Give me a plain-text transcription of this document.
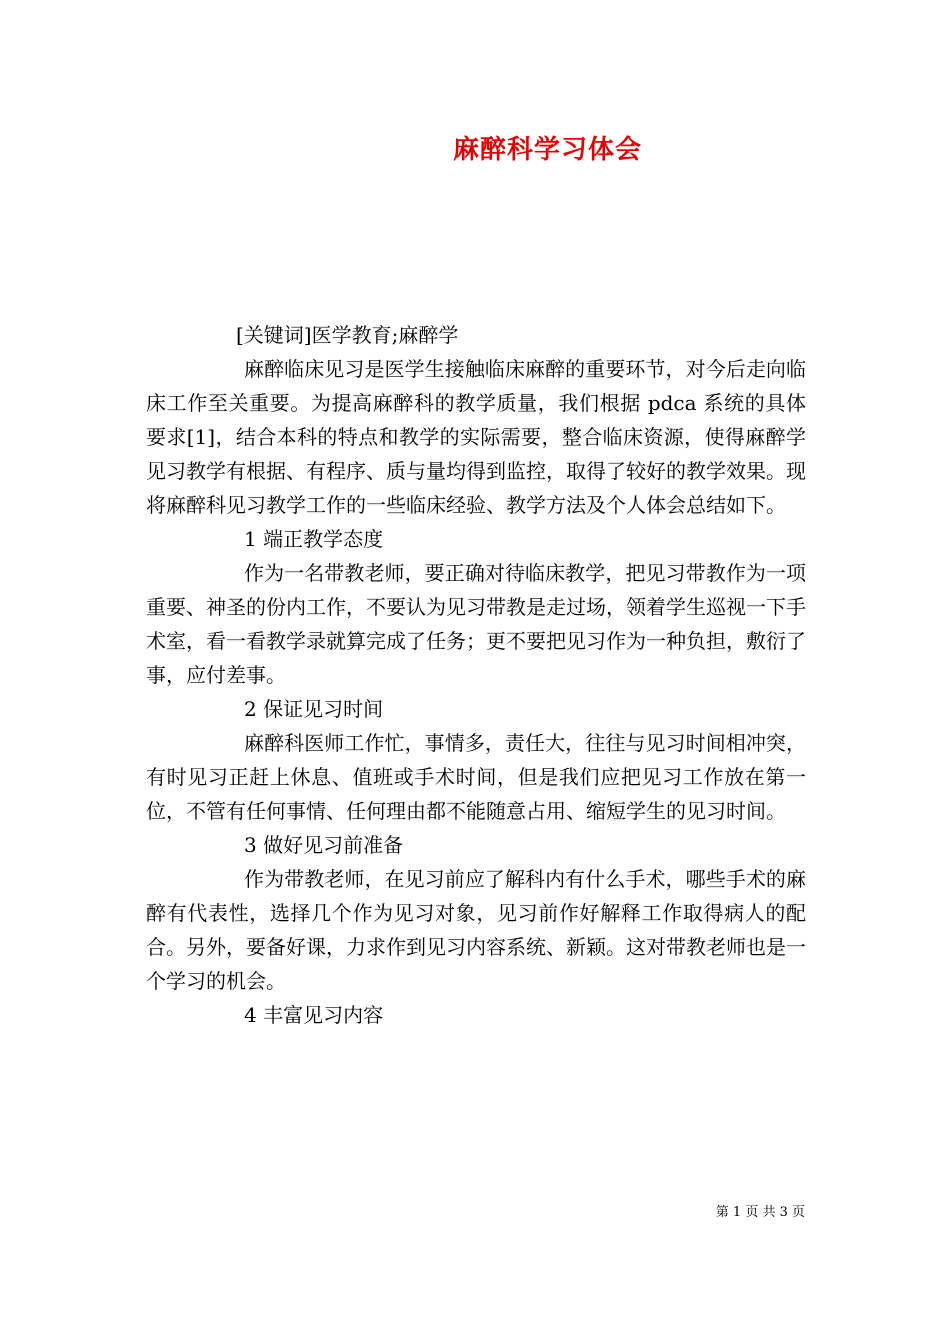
麻醉科学习体会

[关键词]医学教育;麻醉学

麻醉临床见习是医学生接触临床麻醉的重要环节，对今后走向临床工作至关重要。为提高麻醉科的教学质量，我们根据 pdca 系统的具体要求[1]，结合本科的特点和教学的实际需要，整合临床资源，使得麻醉学见习教学有根据、有程序、质与量均得到监控，取得了较好的教学效果。现将麻醉科见习教学工作的一些临床经验、教学方法及个人体会总结如下。

1 端正教学态度

作为一名带教老师，要正确对待临床教学，把见习带教作为一项重要、神圣的份内工作，不要认为见习带教是走过场，领着学生巡视一下手术室，看一看教学录就算完成了任务；更不要把见习作为一种负担，敷衍了事，应付差事。

2 保证见习时间

麻醉科医师工作忙，事情多，责任大，往往与见习时间相冲突，有时见习正赶上休息、值班或手术时间，但是我们应把见习工作放在第一位，不管有任何事情、任何理由都不能随意占用、缩短学生的见习时间。

3 做好见习前准备

作为带教老师，在见习前应了解科内有什么手术，哪些手术的麻醉有代表性，选择几个作为见习对象，见习前作好解释工作取得病人的配合。另外，要备好课，力求作到见习内容系统、新颖。这对带教老师也是一个学习的机会。

4 丰富见习内容

第 1 页 共 3 页
